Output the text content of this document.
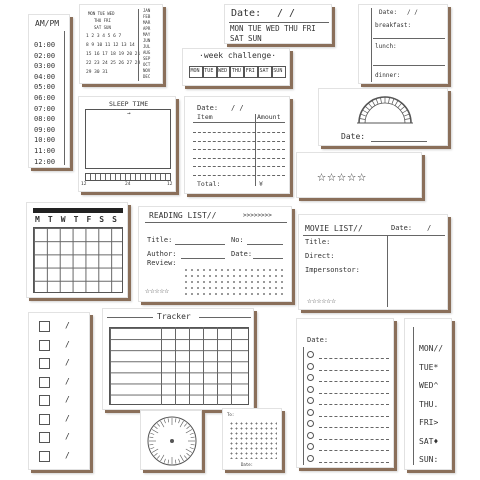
AM/PM
01:00
02:00
03:00
04:00
05:00
06:00
07:00
08:00
09:00
10:00
11:00
12:00
MON TUE WED
THU FRI
SAT SUN
1 2 3 4 5 6 7
8 9 10 11 12 13 14
15 16 17 18 19 20 21
22 23 24 25 26 27 28
29 30 31
JAN
FEB
MAR
APR
MAY
JUN
JUL
AUG
SEP
OCT
NOV
DEC
Date: / /
MON TUE WED THU FRI
SAT SUN
Date: / /
breakfast:
lunch:
dinner:
·week challenge·
MON TUE WED THU FRI SAT SUN
SLEEP TIME
→
12	24	12
Date: / /
Item	Amount
Total:	¥
Date:
☆☆☆☆☆
M T W T F S S	READING LIST//	>>>>>>>>
Title:	No:
Author:	Date:
Review:
☆☆☆☆☆
MOVIE LIST//	Date: /
Title:
Direct:
Impersonstor:
☆☆☆☆☆☆
/
/
/
/
/
/
/
/
Tracker
To:
Date:
Date:
MON//
TUE*
WED^
THU.
FRI>
SAT♦
SUN:
